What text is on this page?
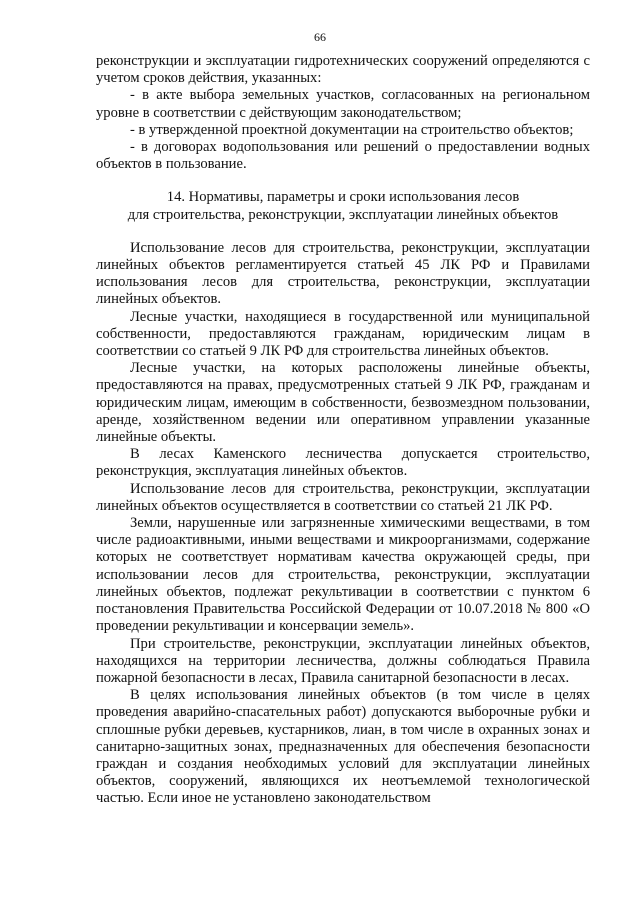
66

реконструкции и эксплуатации гидротехнических сооружений определяются с учетом сроков действия, указанных:

- в акте выбора земельных участков, согласованных на региональном уровне в соответствии с действующим законодательством;

- в утвержденной проектной документации на строительство объектов;

- в договорах водопользования или решений о предоставлении водных объектов в пользование.

14. Нормативы, параметры и сроки использования лесов

для строительства, реконструкции, эксплуатации линейных объектов

Использование лесов для строительства, реконструкции, эксплуатации линейных объектов регламентируется статьей 45 ЛК РФ и Правилами использования лесов для строительства, реконструкции, эксплуатации линейных объектов.

Лесные участки, находящиеся в государственной или муниципальной собственности, предоставляются гражданам, юридическим лицам в соответствии со статьей 9 ЛК РФ для строительства линейных объектов.

Лесные участки, на которых расположены линейные объекты, предоставляются на правах, предусмотренных статьей 9 ЛК РФ, гражданам и юридическим лицам, имеющим в собственности, безвозмездном пользовании, аренде, хозяйственном ведении или оперативном управлении указанные линейные объекты.

В лесах Каменского лесничества допускается строительство, реконструкция, эксплуатация линейных объектов.

Использование лесов для строительства, реконструкции, эксплуатации линейных объектов осуществляется в соответствии со статьей 21 ЛК РФ.

Земли, нарушенные или загрязненные химическими веществами, в том числе радиоактивными, иными веществами и микроорганизмами, содержание которых не соответствует нормативам качества окружающей среды, при использовании лесов для строительства, реконструкции, эксплуатации линейных объектов, подлежат рекультивации в соответствии с пунктом 6 постановления Правительства Российской Федерации от 10.07.2018 № 800 «О проведении рекультивации и консервации земель».

При строительстве, реконструкции, эксплуатации линейных объектов, находящихся на территории лесничества, должны соблюдаться Правила пожарной безопасности в лесах, Правила санитарной безопасности в лесах.

В целях использования линейных объектов (в том числе в целях проведения аварийно-спасательных работ) допускаются выборочные рубки и сплошные рубки деревьев, кустарников, лиан, в том числе в охранных зонах и санитарно-защитных зонах, предназначенных для обеспечения безопасности граждан и создания необходимых условий для эксплуатации линейных объектов, сооружений, являющихся их неотъемлемой технологической частью. Если иное не установлено законодательством
